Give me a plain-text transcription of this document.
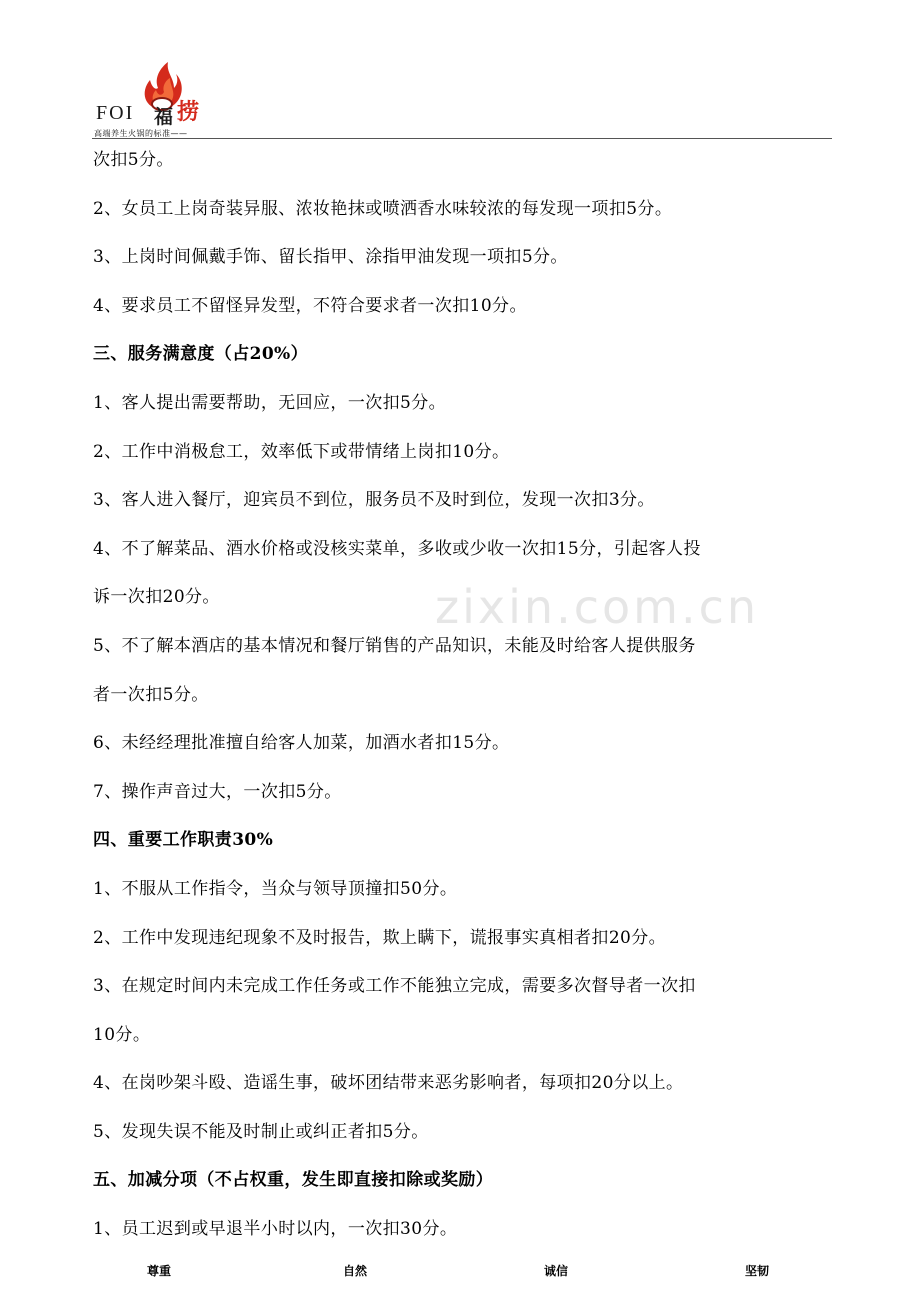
FOI 福 捞
高端养生火锅的标准——
zixin.com.cn
次扣5分。
2、女员工上岗奇装异服、浓妆艳抹或喷洒香水味较浓的每发现一项扣5分。
3、上岗时间佩戴手饰、留长指甲、涂指甲油发现一项扣5分。
4、要求员工不留怪异发型，不符合要求者一次扣10分。
三、服务满意度（占20%）
1、客人提出需要帮助，无回应，一次扣5分。
2、工作中消极怠工，效率低下或带情绪上岗扣10分。
3、客人进入餐厅，迎宾员不到位，服务员不及时到位，发现一次扣3分。
4、不了解菜品、酒水价格或没核实菜单，多收或少收一次扣15分，引起客人投
诉一次扣20分。
5、不了解本酒店的基本情况和餐厅销售的产品知识，未能及时给客人提供服务
者一次扣5分。
6、未经经理批准擅自给客人加菜，加酒水者扣15分。
7、操作声音过大，一次扣5分。
四、重要工作职责30%
1、不服从工作指令，当众与领导顶撞扣50分。
2、工作中发现违纪现象不及时报告，欺上瞒下，谎报事实真相者扣20分。
3、在规定时间内未完成工作任务或工作不能独立完成，需要多次督导者一次扣
10分。
4、在岗吵架斗殴、造谣生事，破坏团结带来恶劣影响者，每项扣20分以上。
5、发现失误不能及时制止或纠正者扣5分。
五、加减分项（不占权重，发生即直接扣除或奖励）
1、员工迟到或早退半小时以内，一次扣30分。
尊重	自然	诚信	坚韧
